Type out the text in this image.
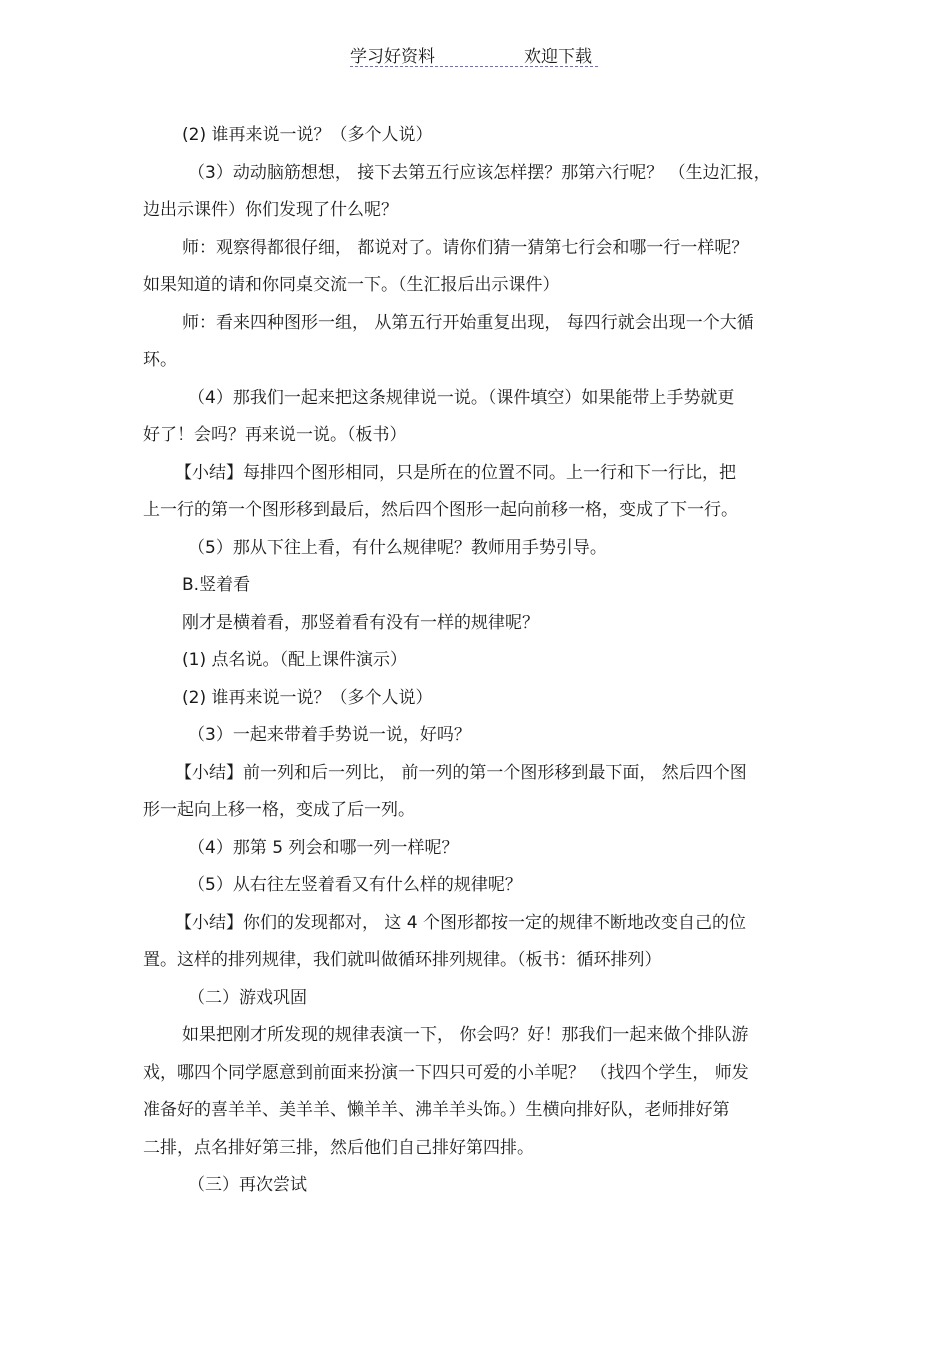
学习好资料	欢迎下载
(2) 谁再来说一说？（多个人说）
（3）动动脑筋想想， 接下去第五行应该怎样摆？那第六行呢？ （生边汇报，
边出示课件）你们发现了什么呢？
师：观察得都很仔细， 都说对了。请你们猜一猜第七行会和哪一行一样呢？
如果知道的请和你同桌交流一下。（生汇报后出示课件）
师：看来四种图形一组， 从第五行开始重复出现， 每四行就会出现一个大循
环。
（4）那我们一起来把这条规律说一说。（课件填空）如果能带上手势就更
好了！会吗？再来说一说。（板书）
【小结】每排四个图形相同，只是所在的位置不同。上一行和下一行比，把
上一行的第一个图形移到最后，然后四个图形一起向前移一格，变成了下一行。
（5）那从下往上看，有什么规律呢？教师用手势引导。
B.竖着看
刚才是横着看，那竖着看有没有一样的规律呢？
(1) 点名说。（配上课件演示）
(2) 谁再来说一说？（多个人说）
（3）一起来带着手势说一说，好吗？
【小结】前一列和后一列比， 前一列的第一个图形移到最下面， 然后四个图
形一起向上移一格，变成了后一列。
（4）那第 5 列会和哪一列一样呢？
（5）从右往左竖着看又有什么样的规律呢？
【小结】你们的发现都对， 这 4 个图形都按一定的规律不断地改变自己的位
置。这样的排列规律，我们就叫做循环排列规律。（板书：循环排列）
（二）游戏巩固
如果把刚才所发现的规律表演一下， 你会吗？好！那我们一起来做个排队游
戏，哪四个同学愿意到前面来扮演一下四只可爱的小羊呢？ （找四个学生， 师发
准备好的喜羊羊、美羊羊、懒羊羊、沸羊羊头饰。）生横向排好队，老师排好第
二排，点名排好第三排，然后他们自己排好第四排。
（三）再次尝试
